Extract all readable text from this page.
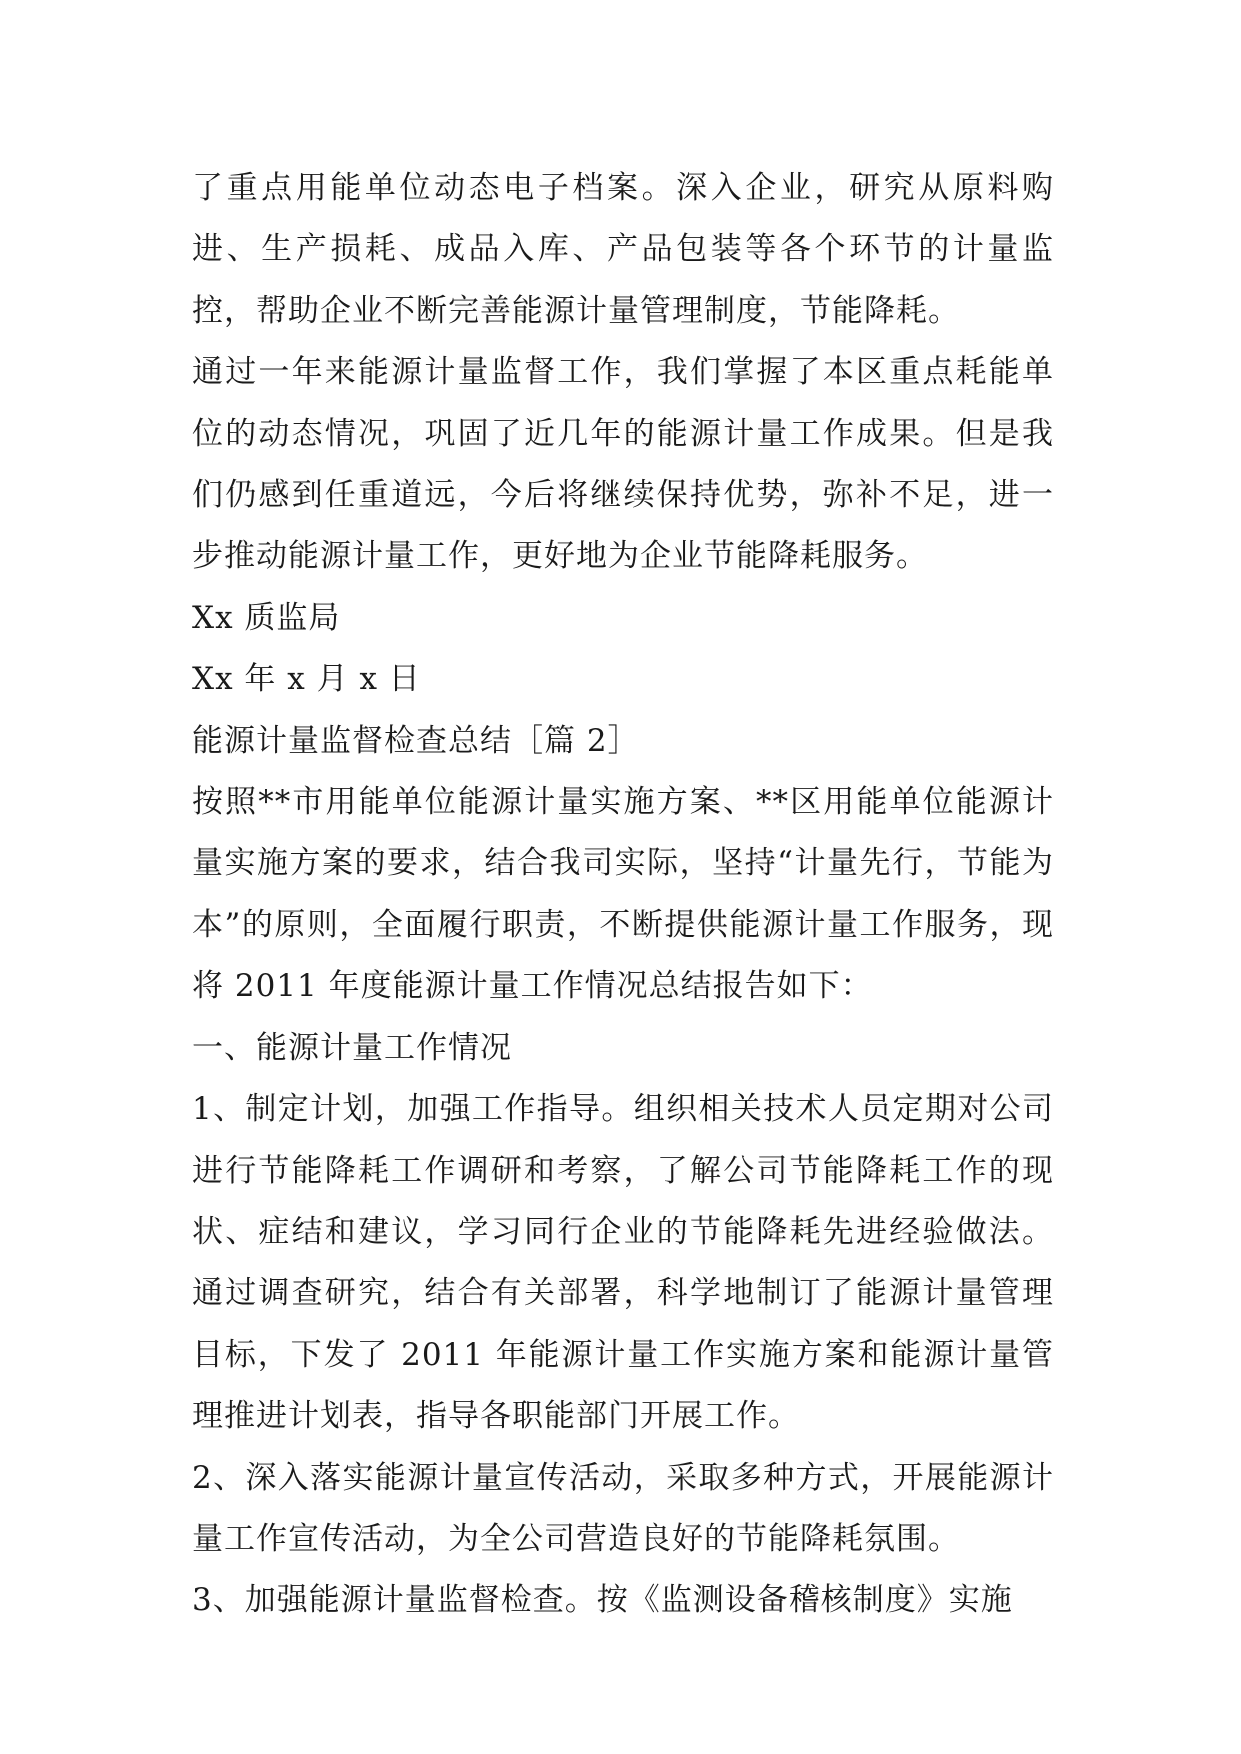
了重点用能单位动态电子档案。深入企业，研究从原料购进、生产损耗、成品入库、产品包装等各个环节的计量监控，帮助企业不断完善能源计量管理制度，节能降耗。

通过一年来能源计量监督工作，我们掌握了本区重点耗能单位的动态情况，巩固了近几年的能源计量工作成果。但是我们仍感到任重道远，今后将继续保持优势，弥补不足，进一步推动能源计量工作，更好地为企业节能降耗服务。

Xx 质监局

Xx 年 x 月 x 日

能源计量监督检查总结［篇 2］

按照**市用能单位能源计量实施方案、**区用能单位能源计量实施方案的要求，结合我司实际，坚持“计量先行，节能为本”的原则，全面履行职责，不断提供能源计量工作服务，现将 2011 年度能源计量工作情况总结报告如下：

一、能源计量工作情况

1、制定计划，加强工作指导。组织相关技术人员定期对公司进行节能降耗工作调研和考察，了解公司节能降耗工作的现状、症结和建议，学习同行企业的节能降耗先进经验做法。通过调查研究，结合有关部署，科学地制订了能源计量管理目标，下发了 2011 年能源计量工作实施方案和能源计量管理推进计划表，指导各职能部门开展工作。

2、深入落实能源计量宣传活动，采取多种方式，开展能源计量工作宣传活动，为全公司营造良好的节能降耗氛围。

3、加强能源计量监督检查。按《监测设备稽核制度》实施
